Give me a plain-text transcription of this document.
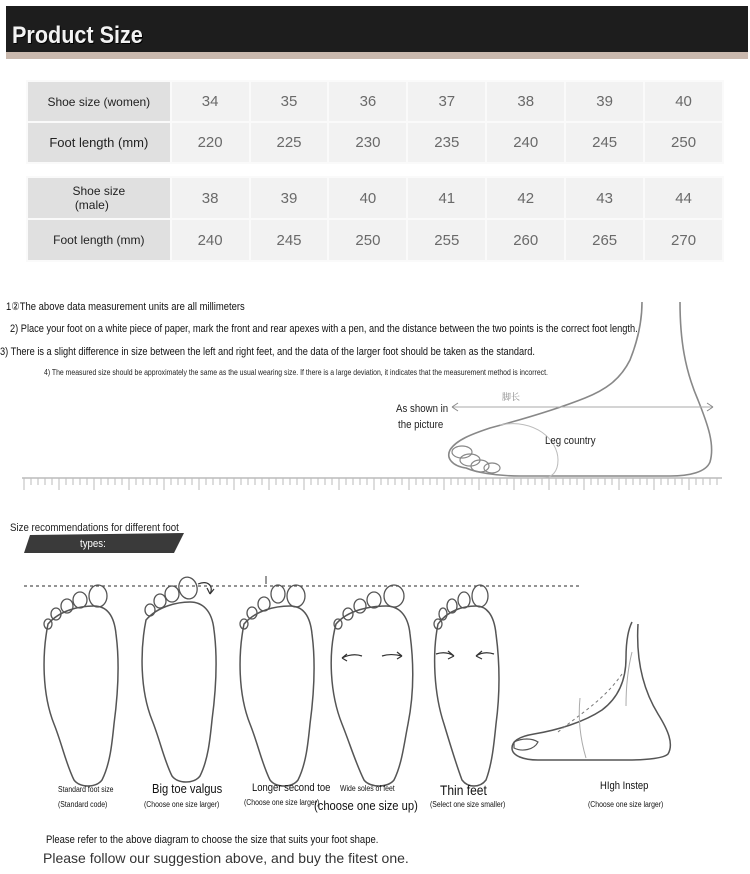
Product Size
Shoe size (women)	34	35	36	37	38	39	40
Foot length (mm)	220	225	230	235	240	245	250
Shoe size
(male)	38	39	40	41	42	43	44
Foot length (mm)	240	245	250	255	260	265	270
脚长
As shown in
the picture
Leg country
1②The above data measurement units are all millimeters
2) Place your foot on a white piece of paper, mark the front and rear apexes with a pen, and the distance between the two points is the correct foot length.
3) There is a slight difference in size between the left and right feet, and the data of the larger foot should be taken as the standard.
4) The measured size should be approximately the same as the usual wearing size. If there is a large deviation, it indicates that the measurement method is incorrect.
Size recommendations for different foot
types:
Standard foot size
(Standard code)
Big toe valgus
(Choose one size larger)
Longer second toe
(Choose one size larger)
Wide soles of feet
(choose one size up)
Thin feet
(Select one size smaller)
HIgh Instep
(Choose one size larger)
Please refer to the above diagram to choose the size that suits your foot shape.
Please follow our suggestion above, and buy the fitest one.
